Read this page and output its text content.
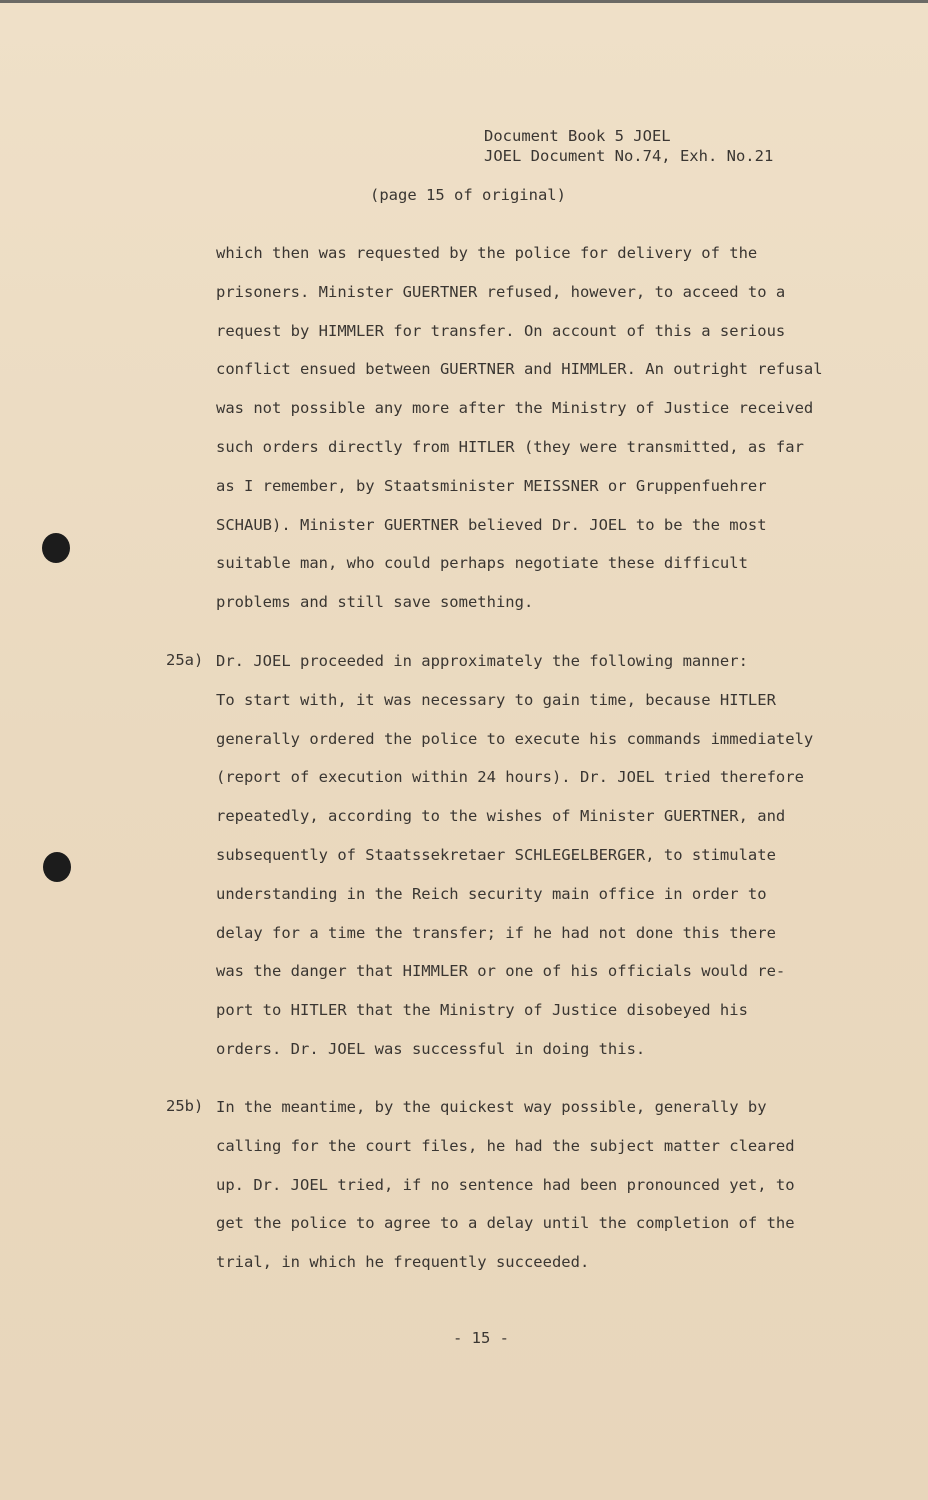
Document Book 5 JOEL
JOEL Document No.74, Exh. No.21
(page 15 of original)
which then was requested by the police for delivery of the
prisoners. Minister GUERTNER refused, however, to acceed to a
request by HIMMLER for transfer. On account of this a serious
conflict ensued between GUERTNER and HIMMLER. An outright refusal
was not possible any more after the Ministry of Justice received
such orders directly from HITLER (they were transmitted, as far
as I remember, by Staatsminister MEISSNER or Gruppenfuehrer
SCHAUB). Minister GUERTNER believed Dr. JOEL to be the most
suitable man, who could perhaps negotiate these difficult
problems and still save something.
25a) Dr. JOEL proceeded in approximately the following manner:
To start with, it was necessary to gain time, because HITLER
generally ordered the police to execute his commands immediately
(report of execution within 24 hours). Dr. JOEL tried therefore
repeatedly, according to the wishes of Minister GUERTNER, and
subsequently of Staatssekretaer SCHLEGELBERGER, to stimulate
understanding in the Reich security main office in order to
delay for a time the transfer; if he had not done this there
was the danger that HIMMLER or one of his officials would re-
port to HITLER that the Ministry of Justice disobeyed his
orders. Dr. JOEL was successful in doing this.
25b) In the meantime, by the quickest way possible, generally by
calling for the court files, he had the subject matter cleared
up. Dr. JOEL tried, if no sentence had been pronounced yet, to
get the police to agree to a delay until the completion of the
trial, in which he frequently succeeded.
- 15 -
